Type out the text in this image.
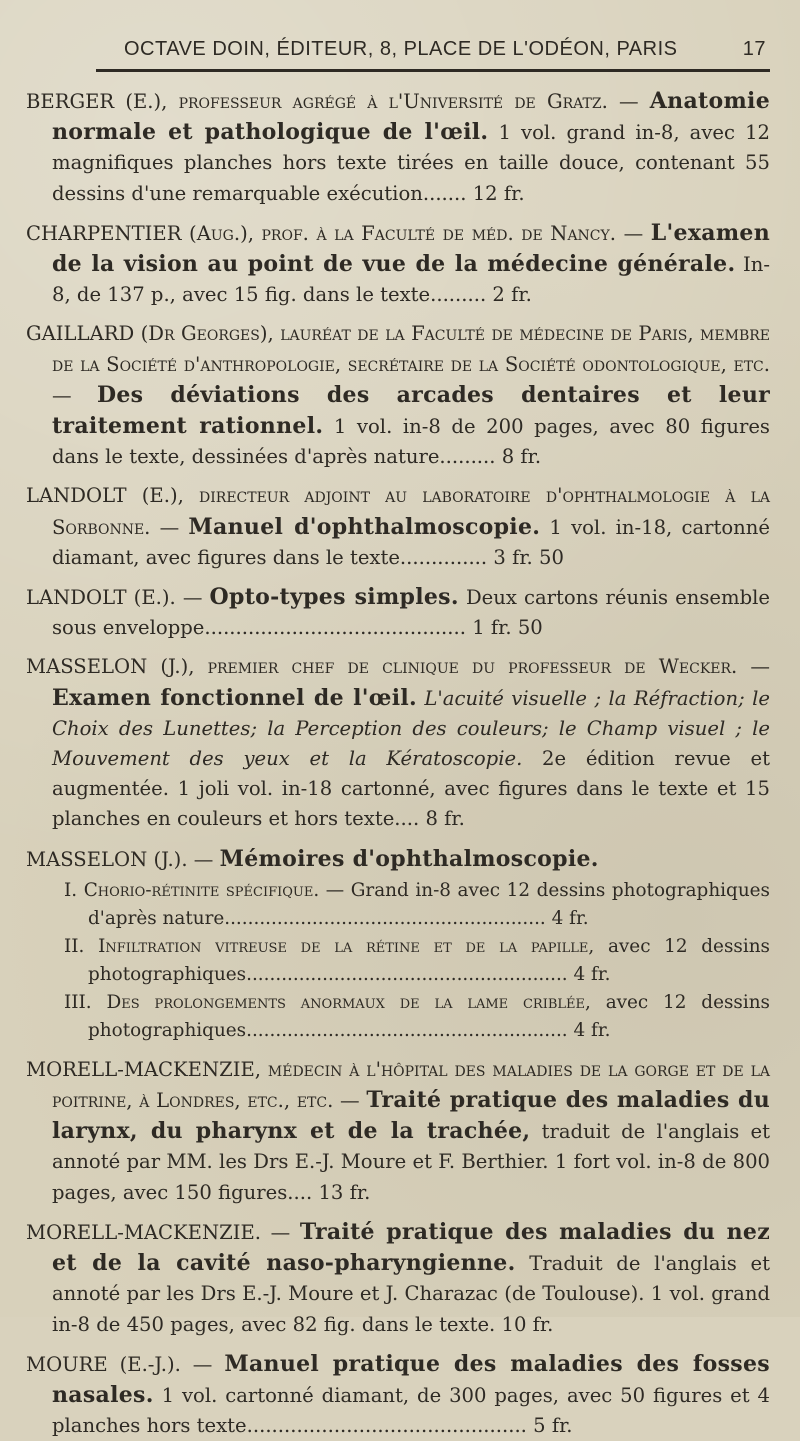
OCTAVE DOIN, ÉDITEUR, 8, PLACE DE L'ODÉON, PARIS	17

BERGER (E.), professeur agrégé à l'Université de Gratz. — Anatomie normale et pathologique de l'œil. 1 vol. grand in-8, avec 12 magnifiques planches hors texte tirées en taille douce, contenant 55 dessins d'une remarquable exécution....... 12 fr.

CHARPENTIER (Aug.), prof. à la Faculté de méd. de Nancy. — L'examen de la vision au point de vue de la médecine générale. In-8, de 137 p., avec 15 fig. dans le texte......... 2 fr.

GAILLARD (Dr Georges), lauréat de la Faculté de médecine de Paris, membre de la Société d'anthropologie, secrétaire de la Société odontologique, etc. — Des déviations des arcades dentaires et leur traitement rationnel. 1 vol. in-8 de 200 pages, avec 80 figures dans le texte, dessinées d'après nature......... 8 fr.

LANDOLT (E.), directeur adjoint au laboratoire d'ophthalmologie à la Sorbonne. — Manuel d'ophthalmoscopie. 1 vol. in-18, cartonné diamant, avec figures dans le texte.............. 3 fr. 50

LANDOLT (E.). — Opto-types simples. Deux cartons réunis ensemble sous enveloppe.......................................... 1 fr. 50

MASSELON (J.), premier chef de clinique du professeur de Wecker. — Examen fonctionnel de l'œil. L'acuité visuelle ; la Réfraction; le Choix des Lunettes; la Perception des couleurs; le Champ visuel ; le Mouvement des yeux et la Kératoscopie. 2e édition revue et augmentée. 1 joli vol. in-18 cartonné, avec figures dans le texte et 15 planches en couleurs et hors texte.... 8 fr.

MASSELON (J.). — Mémoires d'ophthalmoscopie.

I. Chorio-rétinite spécifique. — Grand in-8 avec 12 dessins photographiques d'après nature....................................................... 4 fr.

II. Infiltration vitreuse de la rétine et de la papille, avec 12 dessins photographiques....................................................... 4 fr.

III. Des prolongements anormaux de la lame criblée, avec 12 dessins photographiques....................................................... 4 fr.

MORELL-MACKENZIE, médecin à l'hôpital des maladies de la gorge et de la poitrine, à Londres, etc., etc. — Traité pratique des maladies du larynx, du pharynx et de la trachée, traduit de l'anglais et annoté par MM. les Drs E.-J. Moure et F. Berthier. 1 fort vol. in-8 de 800 pages, avec 150 figures.... 13 fr.

MORELL-MACKENZIE. — Traité pratique des maladies du nez et de la cavité naso-pharyngienne. Traduit de l'anglais et annoté par les Drs E.-J. Moure et J. Charazac (de Toulouse). 1 vol. grand in-8 de 450 pages, avec 82 fig. dans le texte. 10 fr.

MOURE (E.-J.). — Manuel pratique des maladies des fosses nasales. 1 vol. cartonné diamant, de 300 pages, avec 50 figures et 4 planches hors texte............................................. 5 fr.
